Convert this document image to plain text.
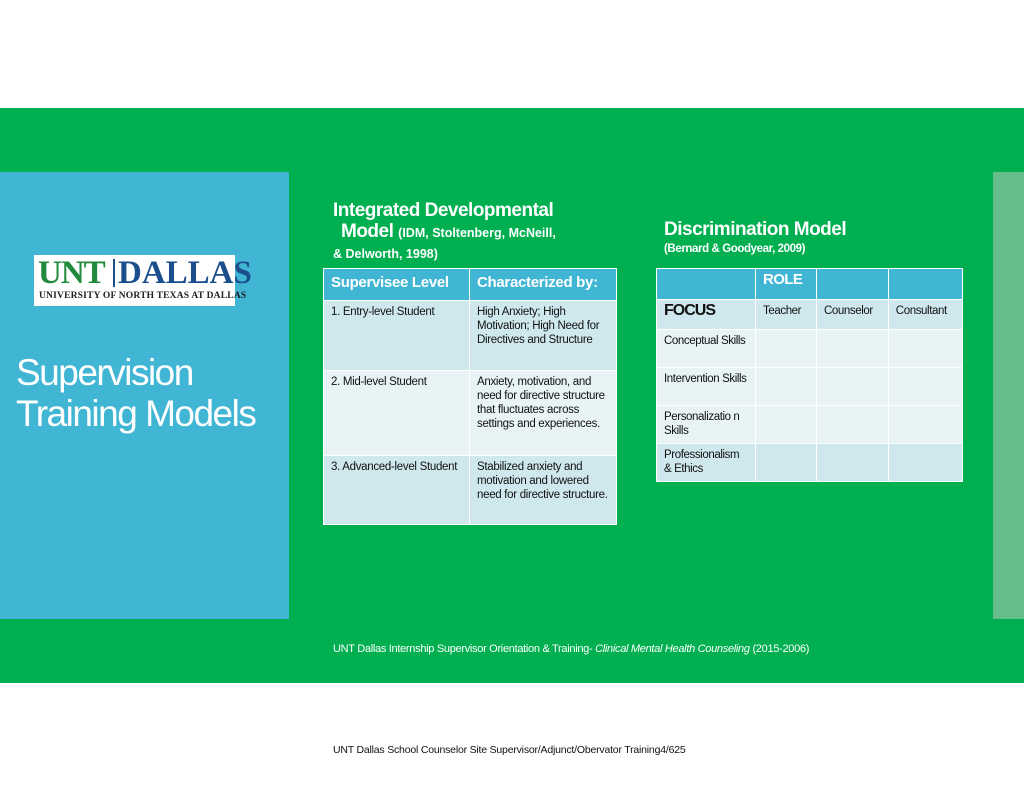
UNT DALLAS
UNIVERSITY OF NORTH TEXAS AT DALLAS
Supervision Training Models
Integrated Developmental
Model (IDM, Stoltenberg, McNeill,
& Delworth, 1998)
Discrimination Model
(Bernard & Goodyear, 2009)
Supervisee Level	Characterized by:
1. Entry-level Student	High Anxiety; High Motivation; High Need for Directives and Structure
2. Mid-level Student	Anxiety, motivation, and need for directive structure that fluctuates across settings and experiences.
3. Advanced-level Student	Stabilized anxiety and motivation and lowered need for directive structure.
	ROLE		
FOCUS	Teacher	Counselor	Consultant
Conceptual Skills			
Intervention Skills			
Personalizatio n Skills			
Professionalism & Ethics			
UNT Dallas Internship Supervisor Orientation & Training- Clinical Mental Health Counseling (2015-2006)
UNT Dallas School Counselor Site Supervisor/Adjunct/Obervator Training4/625
